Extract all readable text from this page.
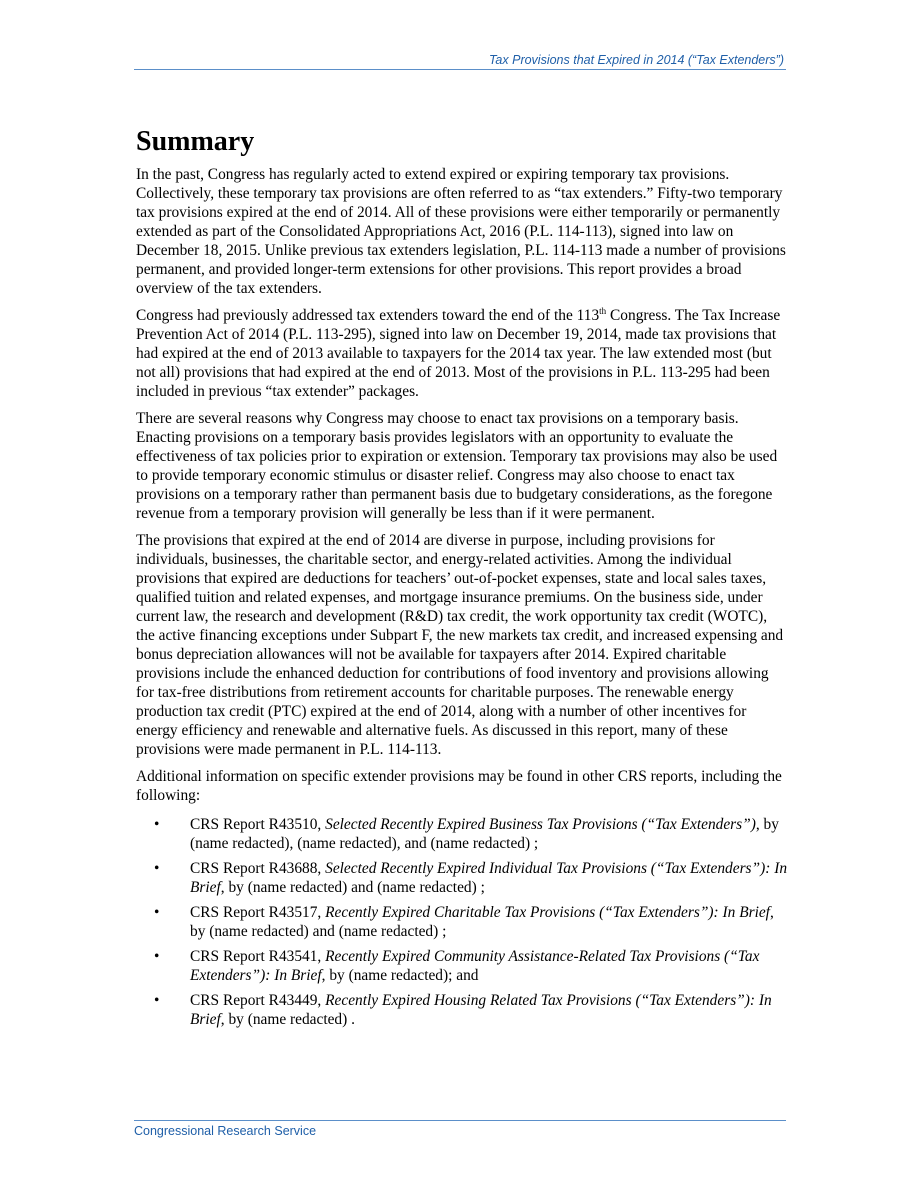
Tax Provisions that Expired in 2014 (“Tax Extenders”)
Summary

In the past, Congress has regularly acted to extend expired or expiring temporary tax provisions. Collectively, these temporary tax provisions are often referred to as “tax extenders.” Fifty-two temporary tax provisions expired at the end of 2014. All of these provisions were either temporarily or permanently extended as part of the Consolidated Appropriations Act, 2016 (P.L. 114-113), signed into law on December 18, 2015. Unlike previous tax extenders legislation, P.L. 114-113 made a number of provisions permanent, and provided longer-term extensions for other provisions. This report provides a broad overview of the tax extenders.

Congress had previously addressed tax extenders toward the end of the 113th Congress. The Tax Increase Prevention Act of 2014 (P.L. 113-295), signed into law on December 19, 2014, made tax provisions that had expired at the end of 2013 available to taxpayers for the 2014 tax year. The law extended most (but not all) provisions that had expired at the end of 2013. Most of the provisions in P.L. 113-295 had been included in previous “tax extender” packages.

There are several reasons why Congress may choose to enact tax provisions on a temporary basis. Enacting provisions on a temporary basis provides legislators with an opportunity to evaluate the effectiveness of tax policies prior to expiration or extension. Temporary tax provisions may also be used to provide temporary economic stimulus or disaster relief. Congress may also choose to enact tax provisions on a temporary rather than permanent basis due to budgetary considerations, as the foregone revenue from a temporary provision will generally be less than if it were permanent.

The provisions that expired at the end of 2014 are diverse in purpose, including provisions for individuals, businesses, the charitable sector, and energy-related activities. Among the individual provisions that expired are deductions for teachers’ out-of-pocket expenses, state and local sales taxes, qualified tuition and related expenses, and mortgage insurance premiums. On the business side, under current law, the research and development (R&D) tax credit, the work opportunity tax credit (WOTC), the active financing exceptions under Subpart F, the new markets tax credit, and increased expensing and bonus depreciation allowances will not be available for taxpayers after 2014. Expired charitable provisions include the enhanced deduction for contributions of food inventory and provisions allowing for tax-free distributions from retirement accounts for charitable purposes. The renewable energy production tax credit (PTC) expired at the end of 2014, along with a number of other incentives for energy efficiency and renewable and alternative fuels. As discussed in this report, many of these provisions were made permanent in P.L. 114-113.

Additional information on specific extender provisions may be found in other CRS reports, including the following:

• CRS Report R43510, Selected Recently Expired Business Tax Provisions (“Tax Extenders”), by (name redacted), (name redacted), and (name redacted) ;
• CRS Report R43688, Selected Recently Expired Individual Tax Provisions (“Tax Extenders”): In Brief, by (name redacted) and (name redacted) ;
• CRS Report R43517, Recently Expired Charitable Tax Provisions (“Tax Extenders”): In Brief, by (name redacted) and (name redacted) ;
• CRS Report R43541, Recently Expired Community Assistance-Related Tax Provisions (“Tax Extenders”): In Brief, by (name redacted); and
• CRS Report R43449, Recently Expired Housing Related Tax Provisions (“Tax Extenders”): In Brief, by (name redacted) .
Congressional Research Service
